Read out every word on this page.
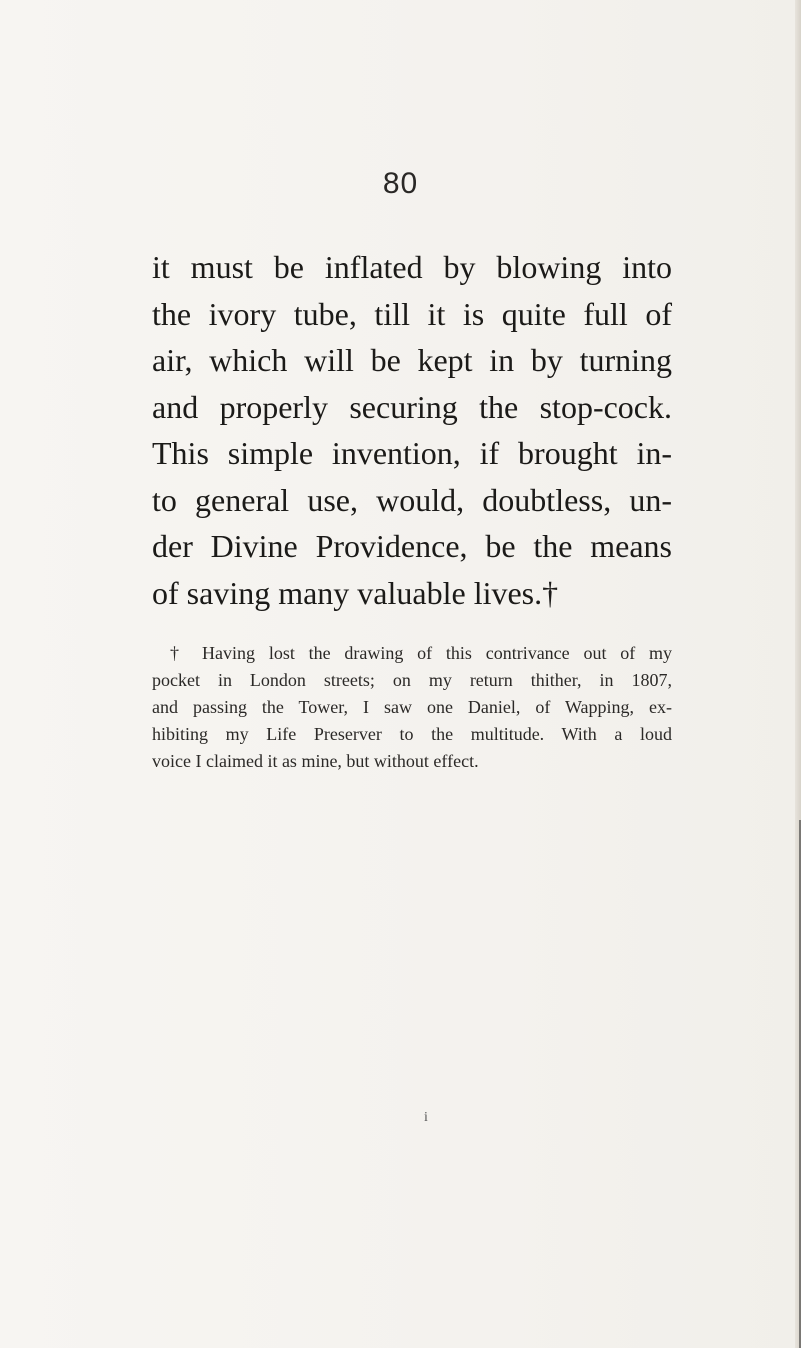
80
it must be inflated by blowing into
the ivory tube, till it is quite full of
air, which will be kept in by turning
and properly securing the stop-cock.
This simple invention, if brought in-
to general use, would, doubtless, un-
der Divine Providence, be the means
of saving many valuable lives.†
† Having lost the drawing of this contrivance out of my
pocket in London streets; on my return thither, in 1807,
and passing the Tower, I saw one Daniel, of Wapping, ex-
hibiting my Life Preserver to the multitude. With a loud
voice I claimed it as mine, but without effect.
i
